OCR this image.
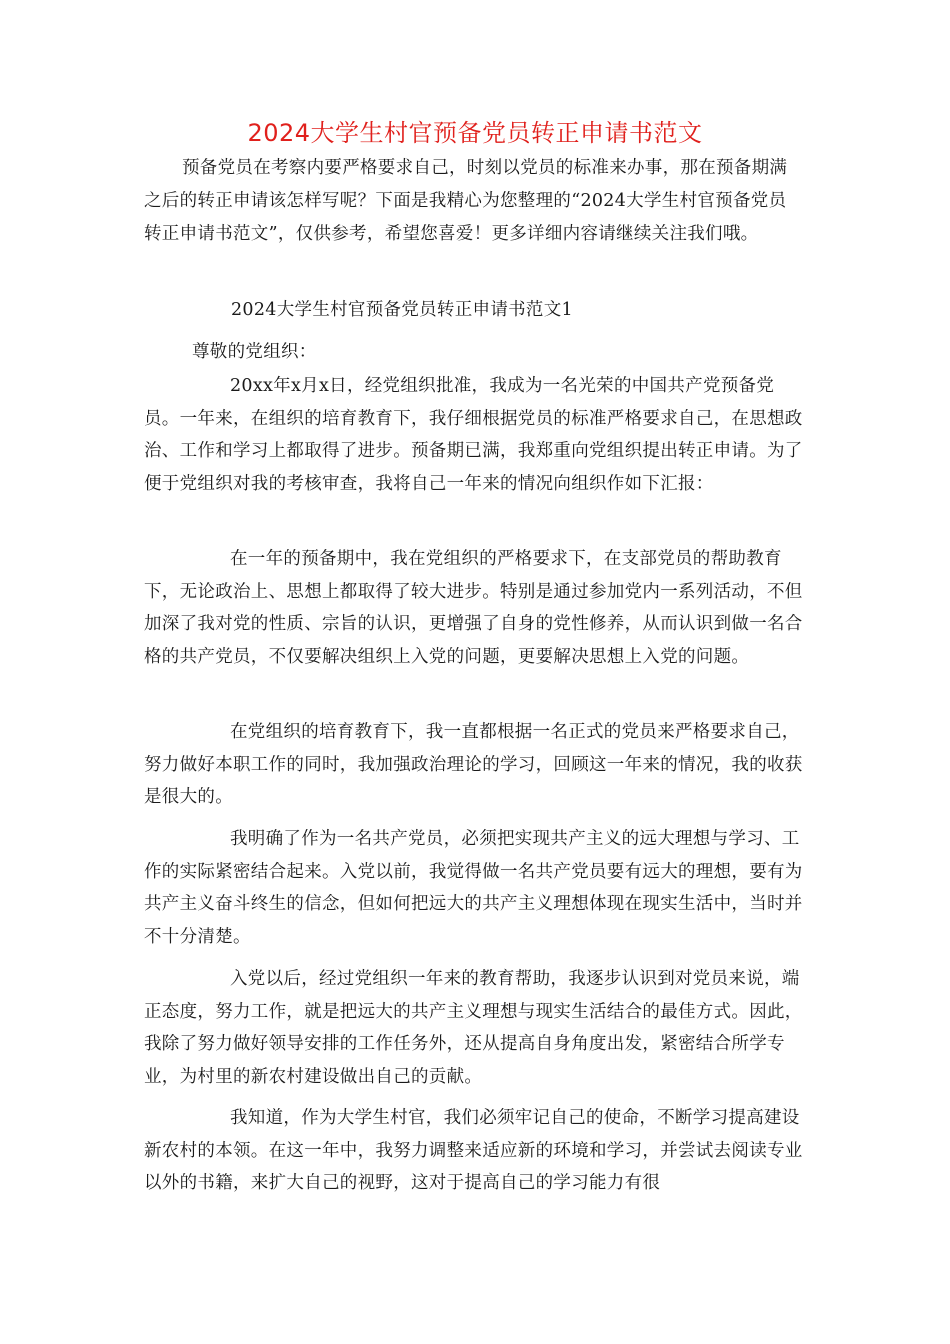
2024大学生村官预备党员转正申请书范文

预备党员在考察内要严格要求自己，时刻以党员的标准来办事，那在预备期满之后的转正申请该怎样写呢？下面是我精心为您整理的“2024大学生村官预备党员转正申请书范文”，仅供参考，希望您喜爱！更多详细内容请继续关注我们哦。

2024大学生村官预备党员转正申请书范文1
尊敬的党组织：

20xx年x月x日，经党组织批准，我成为一名光荣的中国共产党预备党员。一年来，在组织的培育教育下，我仔细根据党员的标准严格要求自己，在思想政治、工作和学习上都取得了进步。预备期已满，我郑重向党组织提出转正申请。为了便于党组织对我的考核审查，我将自己一年来的情况向组织作如下汇报：

在一年的预备期中，我在党组织的严格要求下，在支部党员的帮助教育下，无论政治上、思想上都取得了较大进步。特别是通过参加党内一系列活动，不但加深了我对党的性质、宗旨的认识，更增强了自身的党性修养，从而认识到做一名合格的共产党员，不仅要解决组织上入党的问题，更要解决思想上入党的问题。

在党组织的培育教育下，我一直都根据一名正式的党员来严格要求自己，努力做好本职工作的同时，我加强政治理论的学习，回顾这一年来的情况，我的收获是很大的。

我明确了作为一名共产党员，必须把实现共产主义的远大理想与学习、工作的实际紧密结合起来。入党以前，我觉得做一名共产党员要有远大的理想，要有为共产主义奋斗终生的信念，但如何把远大的共产主义理想体现在现实生活中，当时并不十分清楚。

入党以后，经过党组织一年来的教育帮助，我逐步认识到对党员来说，端正态度，努力工作，就是把远大的共产主义理想与现实生活结合的最佳方式。因此，我除了努力做好领导安排的工作任务外，还从提高自身角度出发，紧密结合所学专业，为村里的新农村建设做出自己的贡献。

我知道，作为大学生村官，我们必须牢记自己的使命，不断学习提高建设新农村的本领。在这一年中，我努力调整来适应新的环境和学习，并尝试去阅读专业以外的书籍，来扩大自己的视野，这对于提高自己的学习能力有很
